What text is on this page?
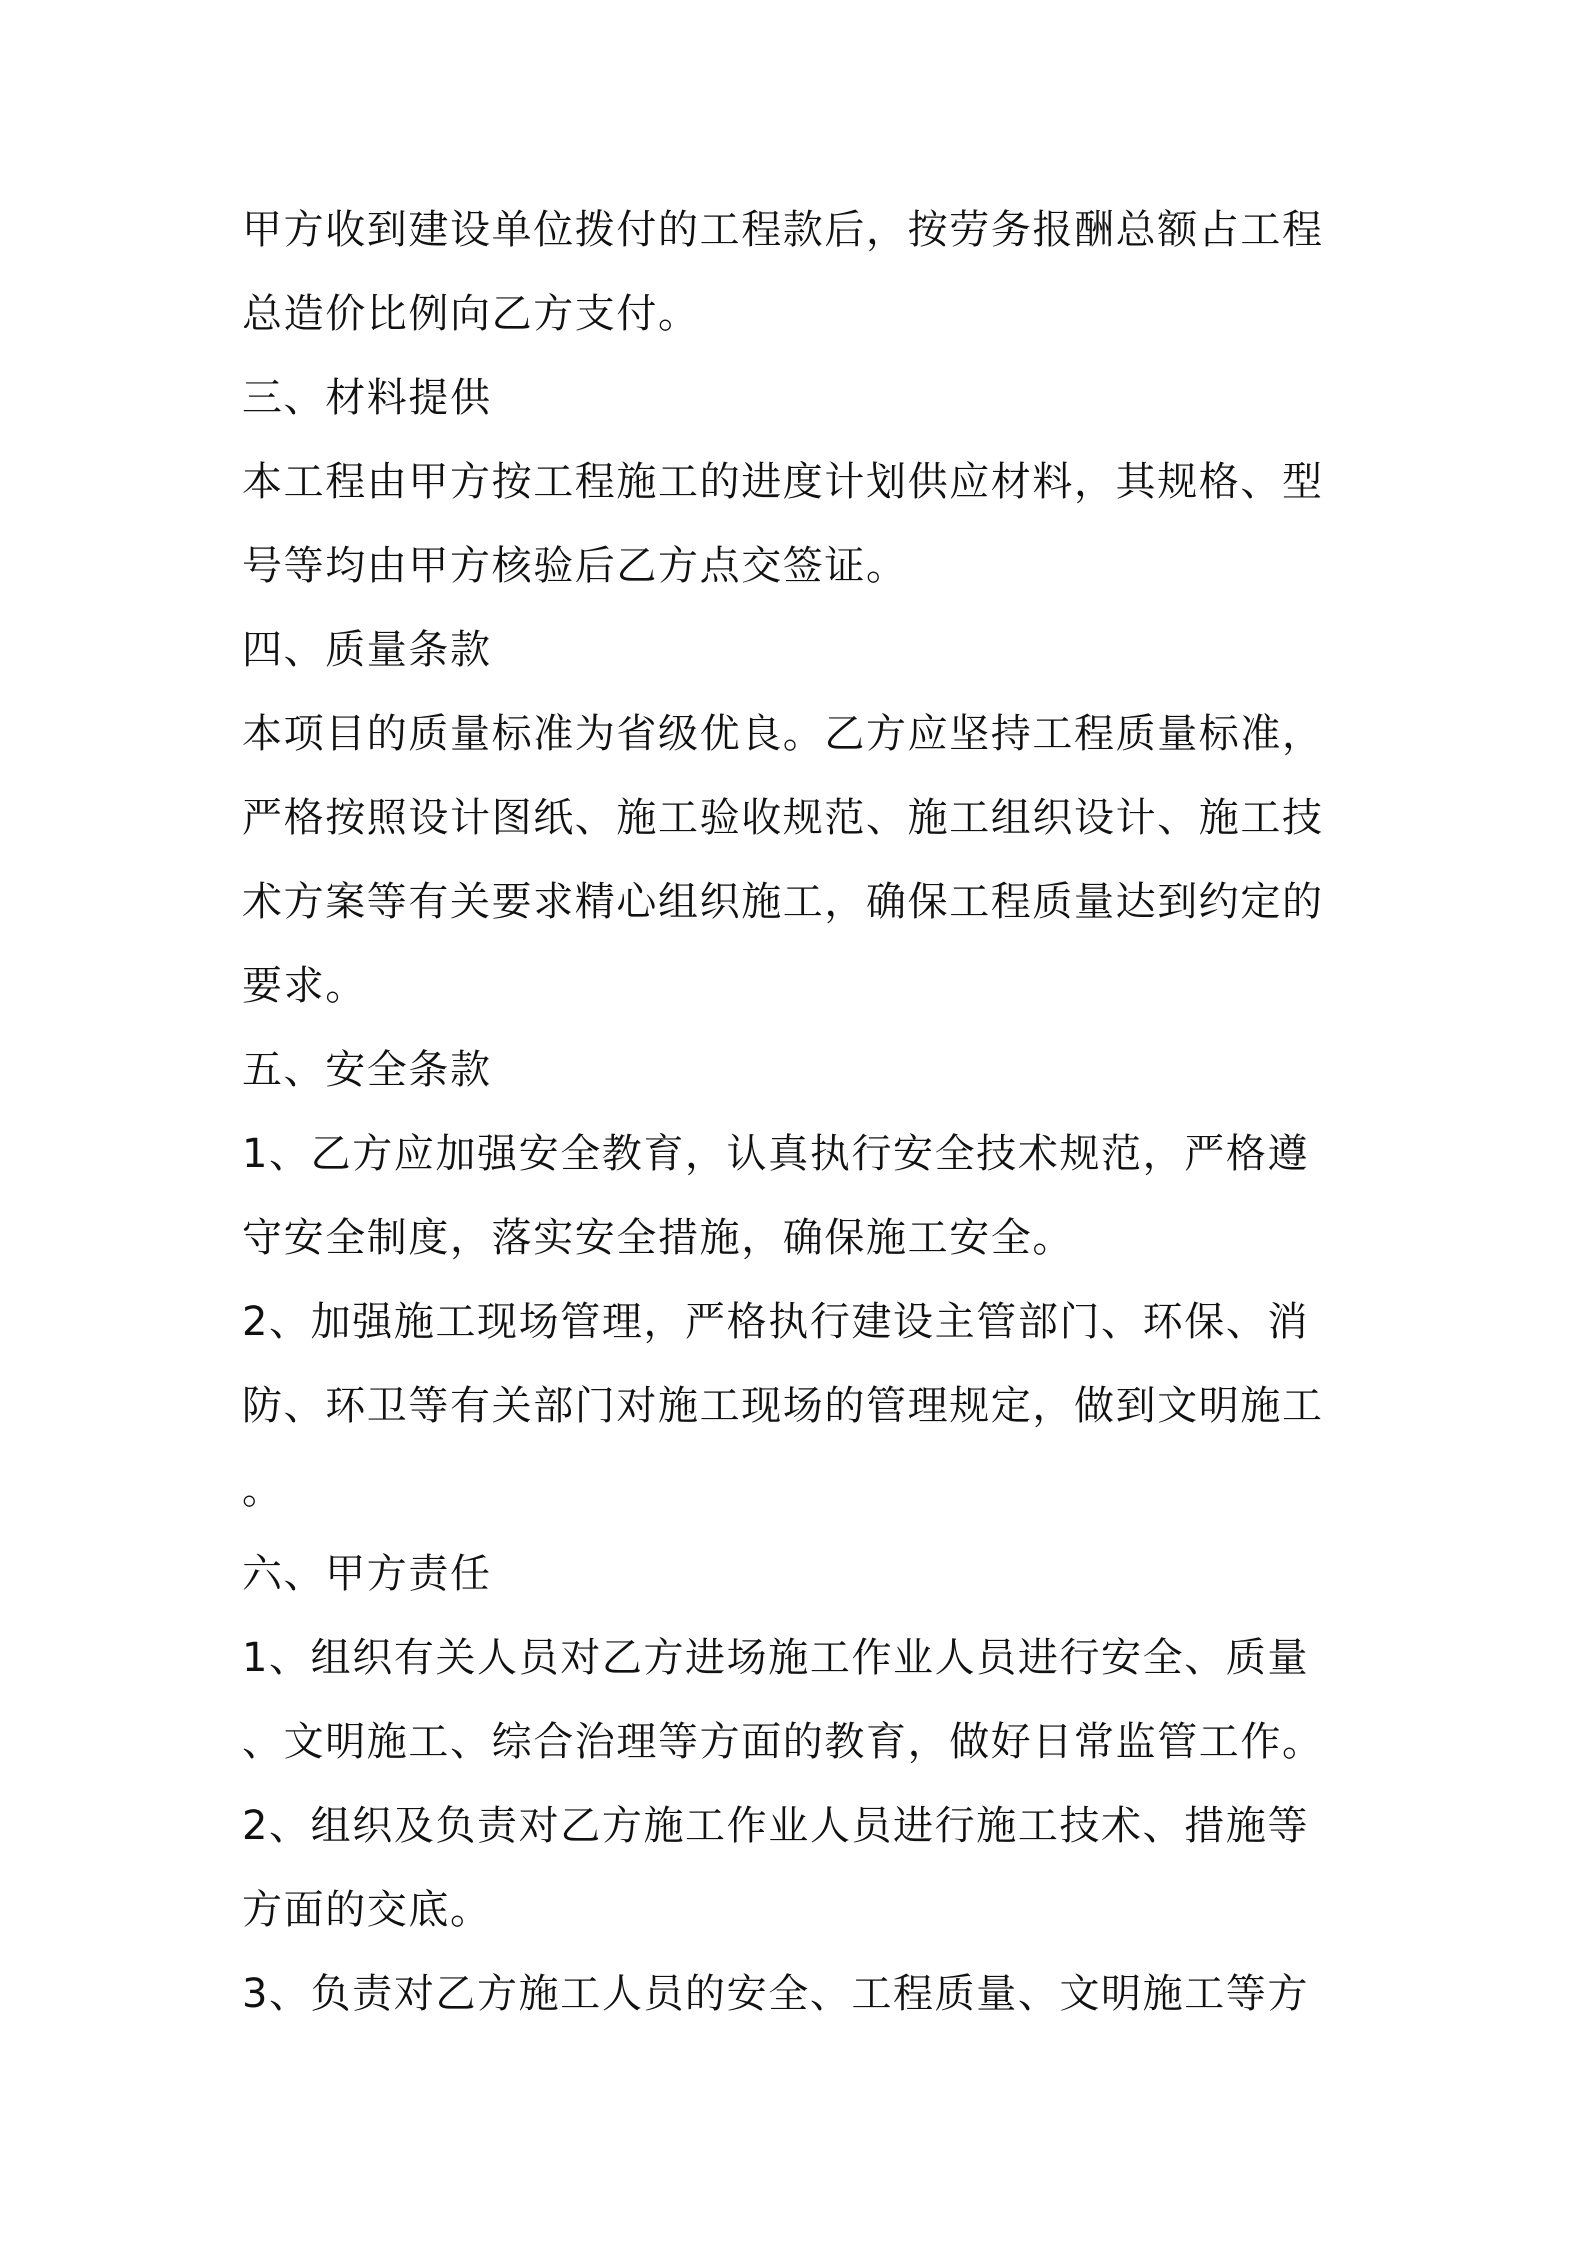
甲方收到建设单位拨付的工程款后，按劳务报酬总额占工程
总造价比例向乙方支付。
三、材料提供
本工程由甲方按工程施工的进度计划供应材料，其规格、型
号等均由甲方核验后乙方点交签证。
四、质量条款
本项目的质量标准为省级优良。乙方应坚持工程质量标准，
严格按照设计图纸、施工验收规范、施工组织设计、施工技
术方案等有关要求精心组织施工，确保工程质量达到约定的
要求。
五、安全条款
1、乙方应加强安全教育，认真执行安全技术规范，严格遵
守安全制度，落实安全措施，确保施工安全。
2、加强施工现场管理，严格执行建设主管部门、环保、消
防、环卫等有关部门对施工现场的管理规定，做到文明施工
。
六、甲方责任
1、组织有关人员对乙方进场施工作业人员进行安全、质量
、文明施工、综合治理等方面的教育，做好日常监管工作。
2、组织及负责对乙方施工作业人员进行施工技术、措施等
方面的交底。
3、负责对乙方施工人员的安全、工程质量、文明施工等方
